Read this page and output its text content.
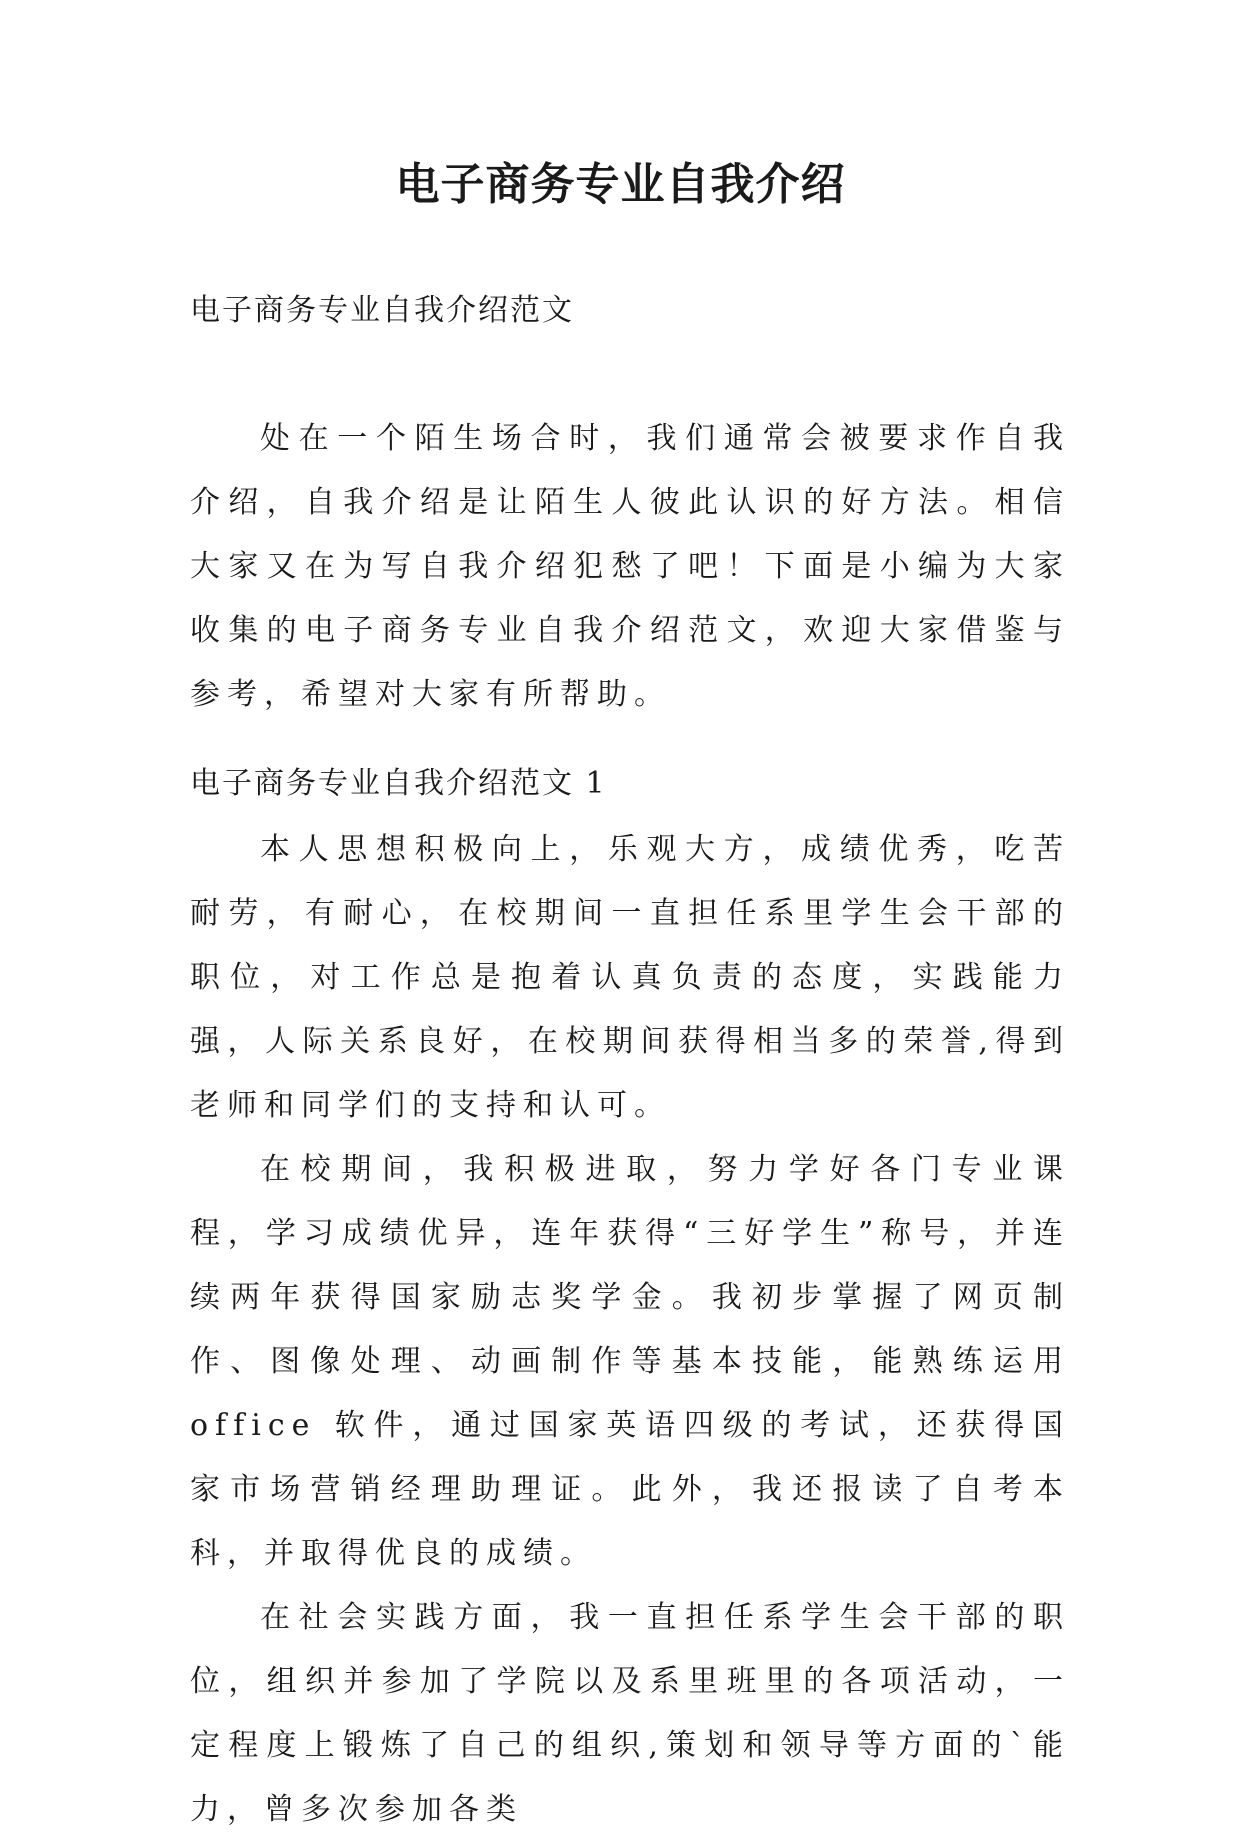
电子商务专业自我介绍

电子商务专业自我介绍范文

处在一个陌生场合时，我们通常会被要求作自我介绍，自我介绍是让陌生人彼此认识的好方法。相信大家又在为写自我介绍犯愁了吧！下面是小编为大家收集的电子商务专业自我介绍范文，欢迎大家借鉴与参考，希望对大家有所帮助。

电子商务专业自我介绍范文 1

本人思想积极向上，乐观大方，成绩优秀，吃苦耐劳，有耐心，在校期间一直担任系里学生会干部的职位，对工作总是抱着认真负责的态度，实践能力强，人际关系良好，在校期间获得相当多的荣誉,得到老师和同学们的支持和认可。

在校期间，我积极进取，努力学好各门专业课程，学习成绩优异，连年获得“三好学生”称号，并连续两年获得国家励志奖学金。我初步掌握了网页制作、图像处理、动画制作等基本技能，能熟练运用 office 软件，通过国家英语四级的考试，还获得国家市场营销经理助理证。此外，我还报读了自考本科，并取得优良的成绩。

在社会实践方面，我一直担任系学生会干部的职位，组织并参加了学院以及系里班里的各项活动，一定程度上锻炼了自己的组织,策划和领导等方面的`能力，曾多次参加各类
